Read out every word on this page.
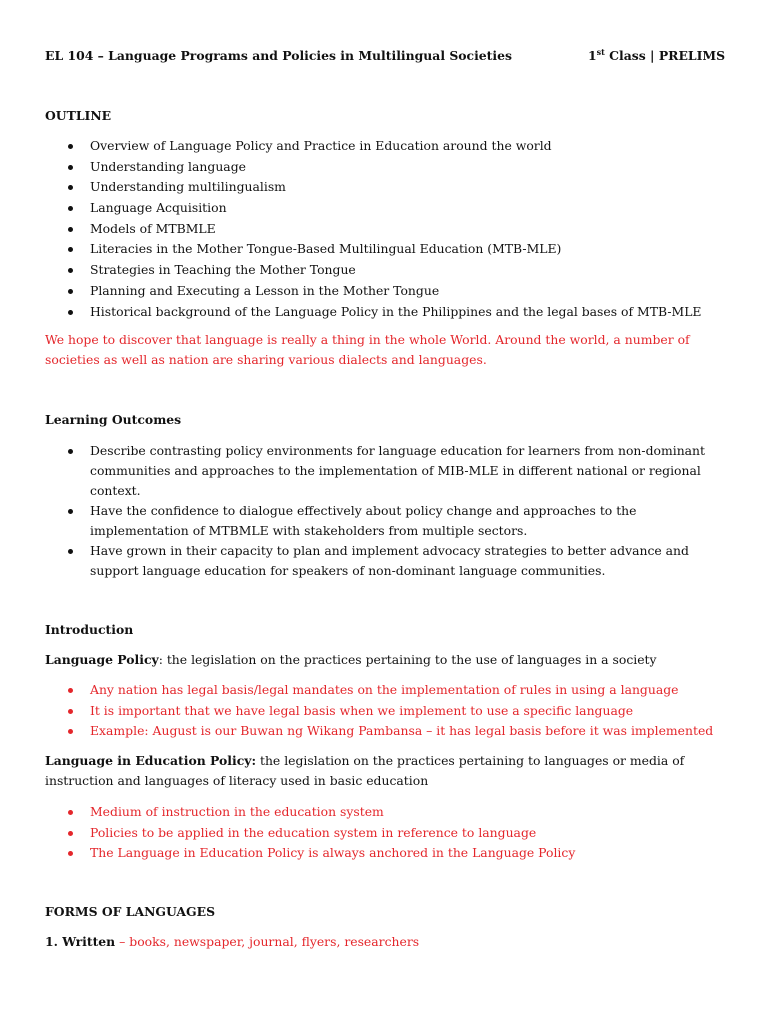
EL 104 – Language Programs and Policies in Multilingual Societies	1st Class | PRELIMS
OUTLINE
Overview of Language Policy and Practice in Education around the world
Understanding language
Understanding multilingualism
Language Acquisition
Models of MTBMLE
Literacies in the Mother Tongue-Based Multilingual Education (MTB-MLE)
Strategies in Teaching the Mother Tongue
Planning and Executing a Lesson in the Mother Tongue
Historical background of the Language Policy in the Philippines and the legal bases of MTB-MLE
We hope to discover that language is really a thing in the whole World. Around the world, a number of
societies as well as nation are sharing various dialects and languages.
Learning Outcomes
Describe contrasting policy environments for language education for learners from non-dominant
communities and approaches to the implementation of MIB-MLE in different national or regional
context.
Have the confidence to dialogue effectively about policy change and approaches to the
implementation of MTBMLE with stakeholders from multiple sectors.
Have grown in their capacity to plan and implement advocacy strategies to better advance and
support language education for speakers of non-dominant language communities.
Introduction
Language Policy: the legislation on the practices pertaining to the use of languages in a society
Any nation has legal basis/legal mandates on the implementation of rules in using a language
It is important that we have legal basis when we implement to use a specific language
Example: August is our Buwan ng Wikang Pambansa – it has legal basis before it was implemented
Language in Education Policy: the legislation on the practices pertaining to languages or media of
instruction and languages of literacy used in basic education
Medium of instruction in the education system
Policies to be applied in the education system in reference to language
The Language in Education Policy is always anchored in the Language Policy
FORMS OF LANGUAGES
1. Written – books, newspaper, journal, flyers, researchers
